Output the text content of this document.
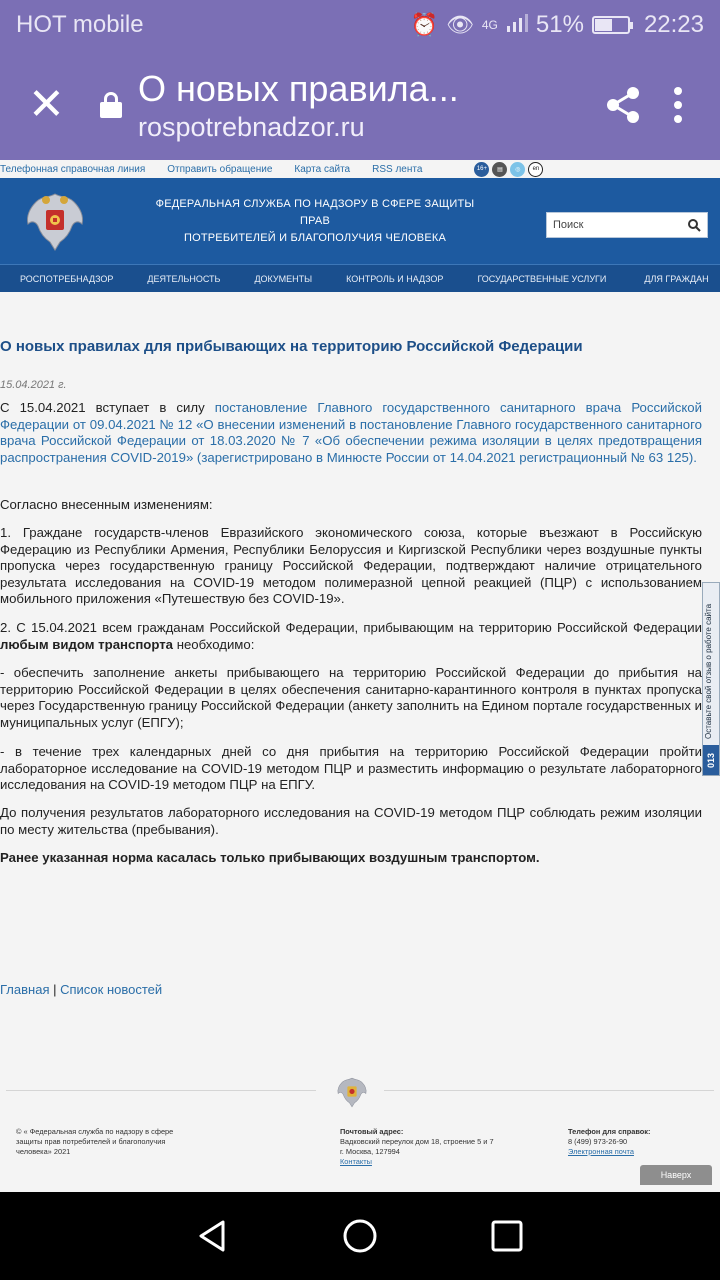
HOT mobile	⏰ 👁 4G 51%	22:23
✕	О новых правила...
rospotrebnadzor.ru
Телефонная справочная линия Отправить обращение Карта сайта RSS лента	16+	▤	◎	en
ФЕДЕРАЛЬНАЯ СЛУЖБА ПО НАДЗОРУ В СФЕРЕ ЗАЩИТЫ ПРАВ
ПОТРЕБИТЕЛЕЙ И БЛАГОПОЛУЧИЯ ЧЕЛОВЕКА
Поиск
РОСПОТРЕБНАДЗОР	ДЕЯТЕЛЬНОСТЬ	ДОКУМЕНТЫ	КОНТРОЛЬ И НАДЗОР	ГОСУДАРСТВЕННЫЕ УСЛУГИ	ДЛЯ ГРАЖДАН
О новых правилах для прибывающих на территорию Российской Федерации
15.04.2021 г.
С 15.04.2021 вступает в силу постановление Главного государственного санитарного врача Российской Федерации от 09.04.2021 № 12 «О внесении изменений в постановление Главного государственного санитарного врача Российской Федерации от 18.03.2020 № 7 «Об обеспечении режима изоляции в целях предотвращения распространения COVID-2019» (зарегистрировано в Минюсте России от 14.04.2021 регистрационный № 63 125).
Согласно внесенным изменениям:
1. Граждане государств-членов Евразийского экономического союза, которые въезжают в Российскую Федерацию из Республики Армения, Республики Белоруссия и Киргизской Республики через воздушные пункты пропуска через государственную границу Российской Федерации, подтверждают наличие отрицательного результата исследования на COVID-19 методом полимеразной цепной реакцией (ПЦР) с использованием мобильного приложения «Путешествую без COVID-19».
2. С 15.04.2021 всем гражданам Российской Федерации, прибывающим на территорию Российской Федерации любым видом транспорта необходимо:
- обеспечить заполнение анкеты прибывающего на территорию Российской Федерации до прибытия на территорию Российской Федерации в целях обеспечения санитарно-карантинного контроля в пунктах пропуска через Государственную границу Российской Федерации (анкету заполнить на Едином портале государственных и муниципальных услуг (ЕПГУ);
- в течение трех календарных дней со дня прибытия на территорию Российской Федерации пройти лабораторное исследование на COVID-19 методом ПЦР и разместить информацию о результате лабораторного исследования на COVID-19 методом ПЦР на ЕПГУ.
До получения результатов лабораторного исследования на COVID-19 методом ПЦР соблюдать режим изоляции по месту жительства (пребывания).
Ранее указанная норма касалась только прибывающих воздушным транспортом.
Оставьте свой отзыв о работе сайта
013
Главная | Список новостей
© « Федеральная служба по надзору в сфере защиты прав потребителей и благополучия человека» 2021
Почтовый адрес:
Вадковский переулок дом 18, строение 5 и 7
г. Москва, 127994
Контакты
Телефон для справок:
8 (499) 973-26-90
Электронная почта
Наверх
